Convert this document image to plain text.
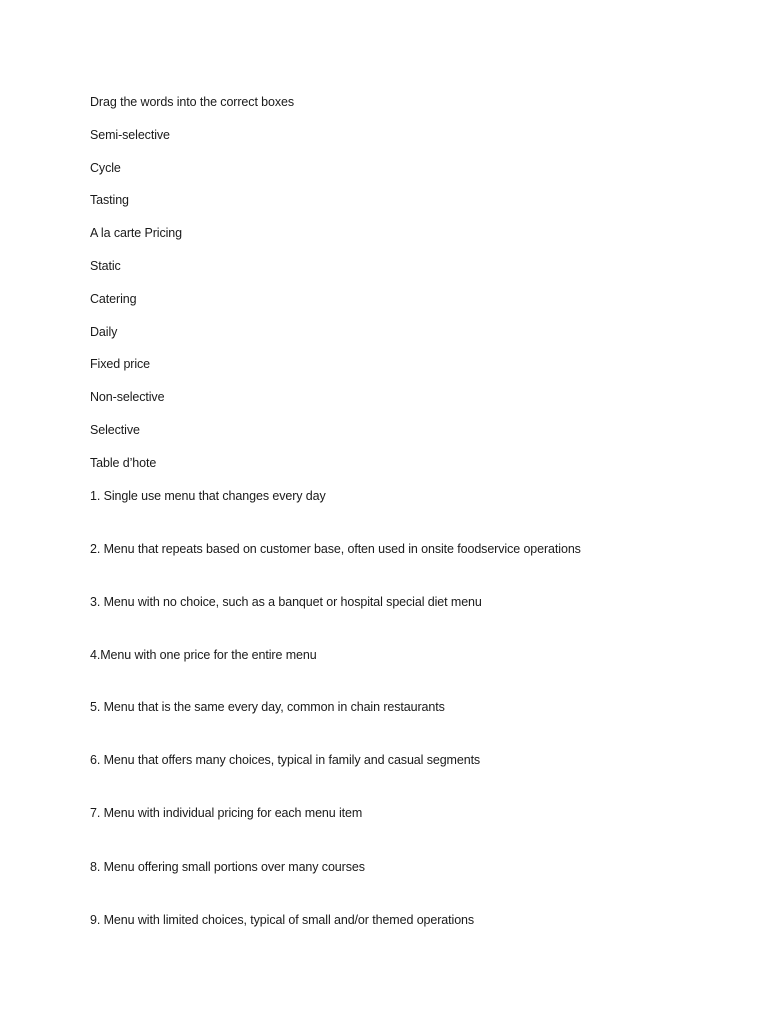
Drag the words into the correct boxes
Semi-selective
Cycle
Tasting
A la carte Pricing
Static
Catering
Daily
Fixed price
Non-selective
Selective
Table d’hote
1. Single use menu that changes every day
2. Menu that repeats based on customer base, often used in onsite foodservice operations
3. Menu with no choice, such as a banquet or hospital special diet menu
4.Menu with one price for the entire menu
5. Menu that is the same every day, common in chain restaurants
6. Menu that offers many choices, typical in family and casual segments
7. Menu with individual pricing for each menu item
8. Menu offering small portions over many courses
9. Menu with limited choices, typical of small and/or themed operations
